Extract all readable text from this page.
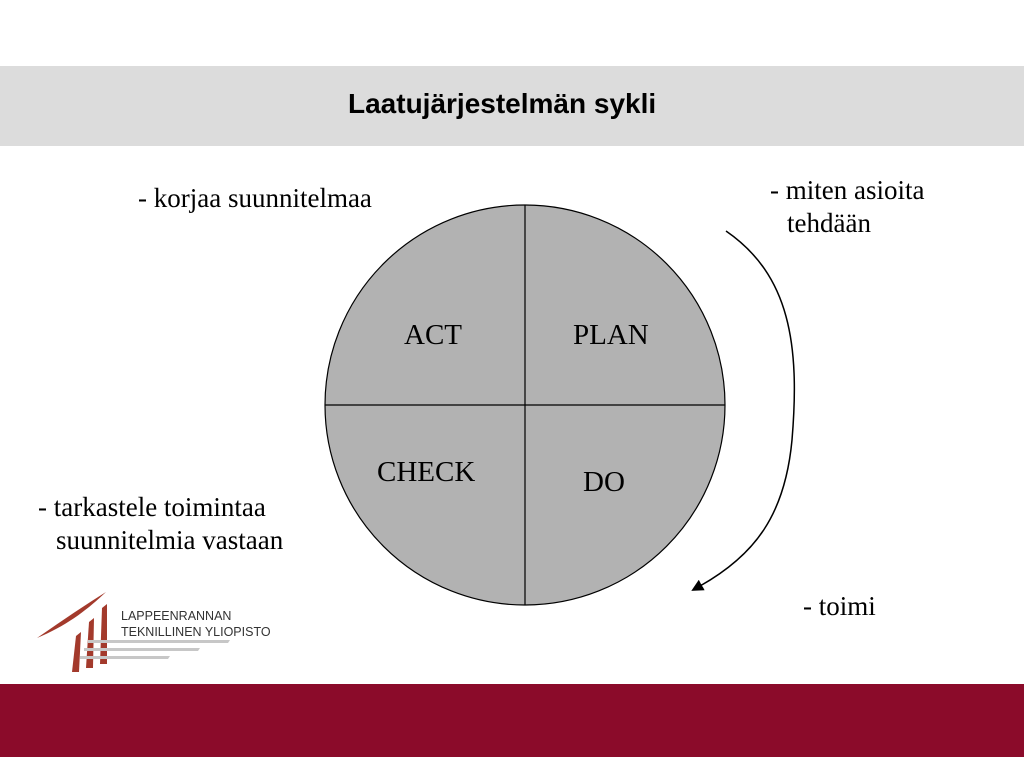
Laatujärjestelmän sykli
ACT	PLAN
CHECK	DO
- korjaa suunnitelmaa	- miten asioita
tehdään
- tarkastele toimintaa
suunnitelmia vastaan
- toimi
LAPPEENRANNAN
TEKNILLINEN YLIOPISTO
